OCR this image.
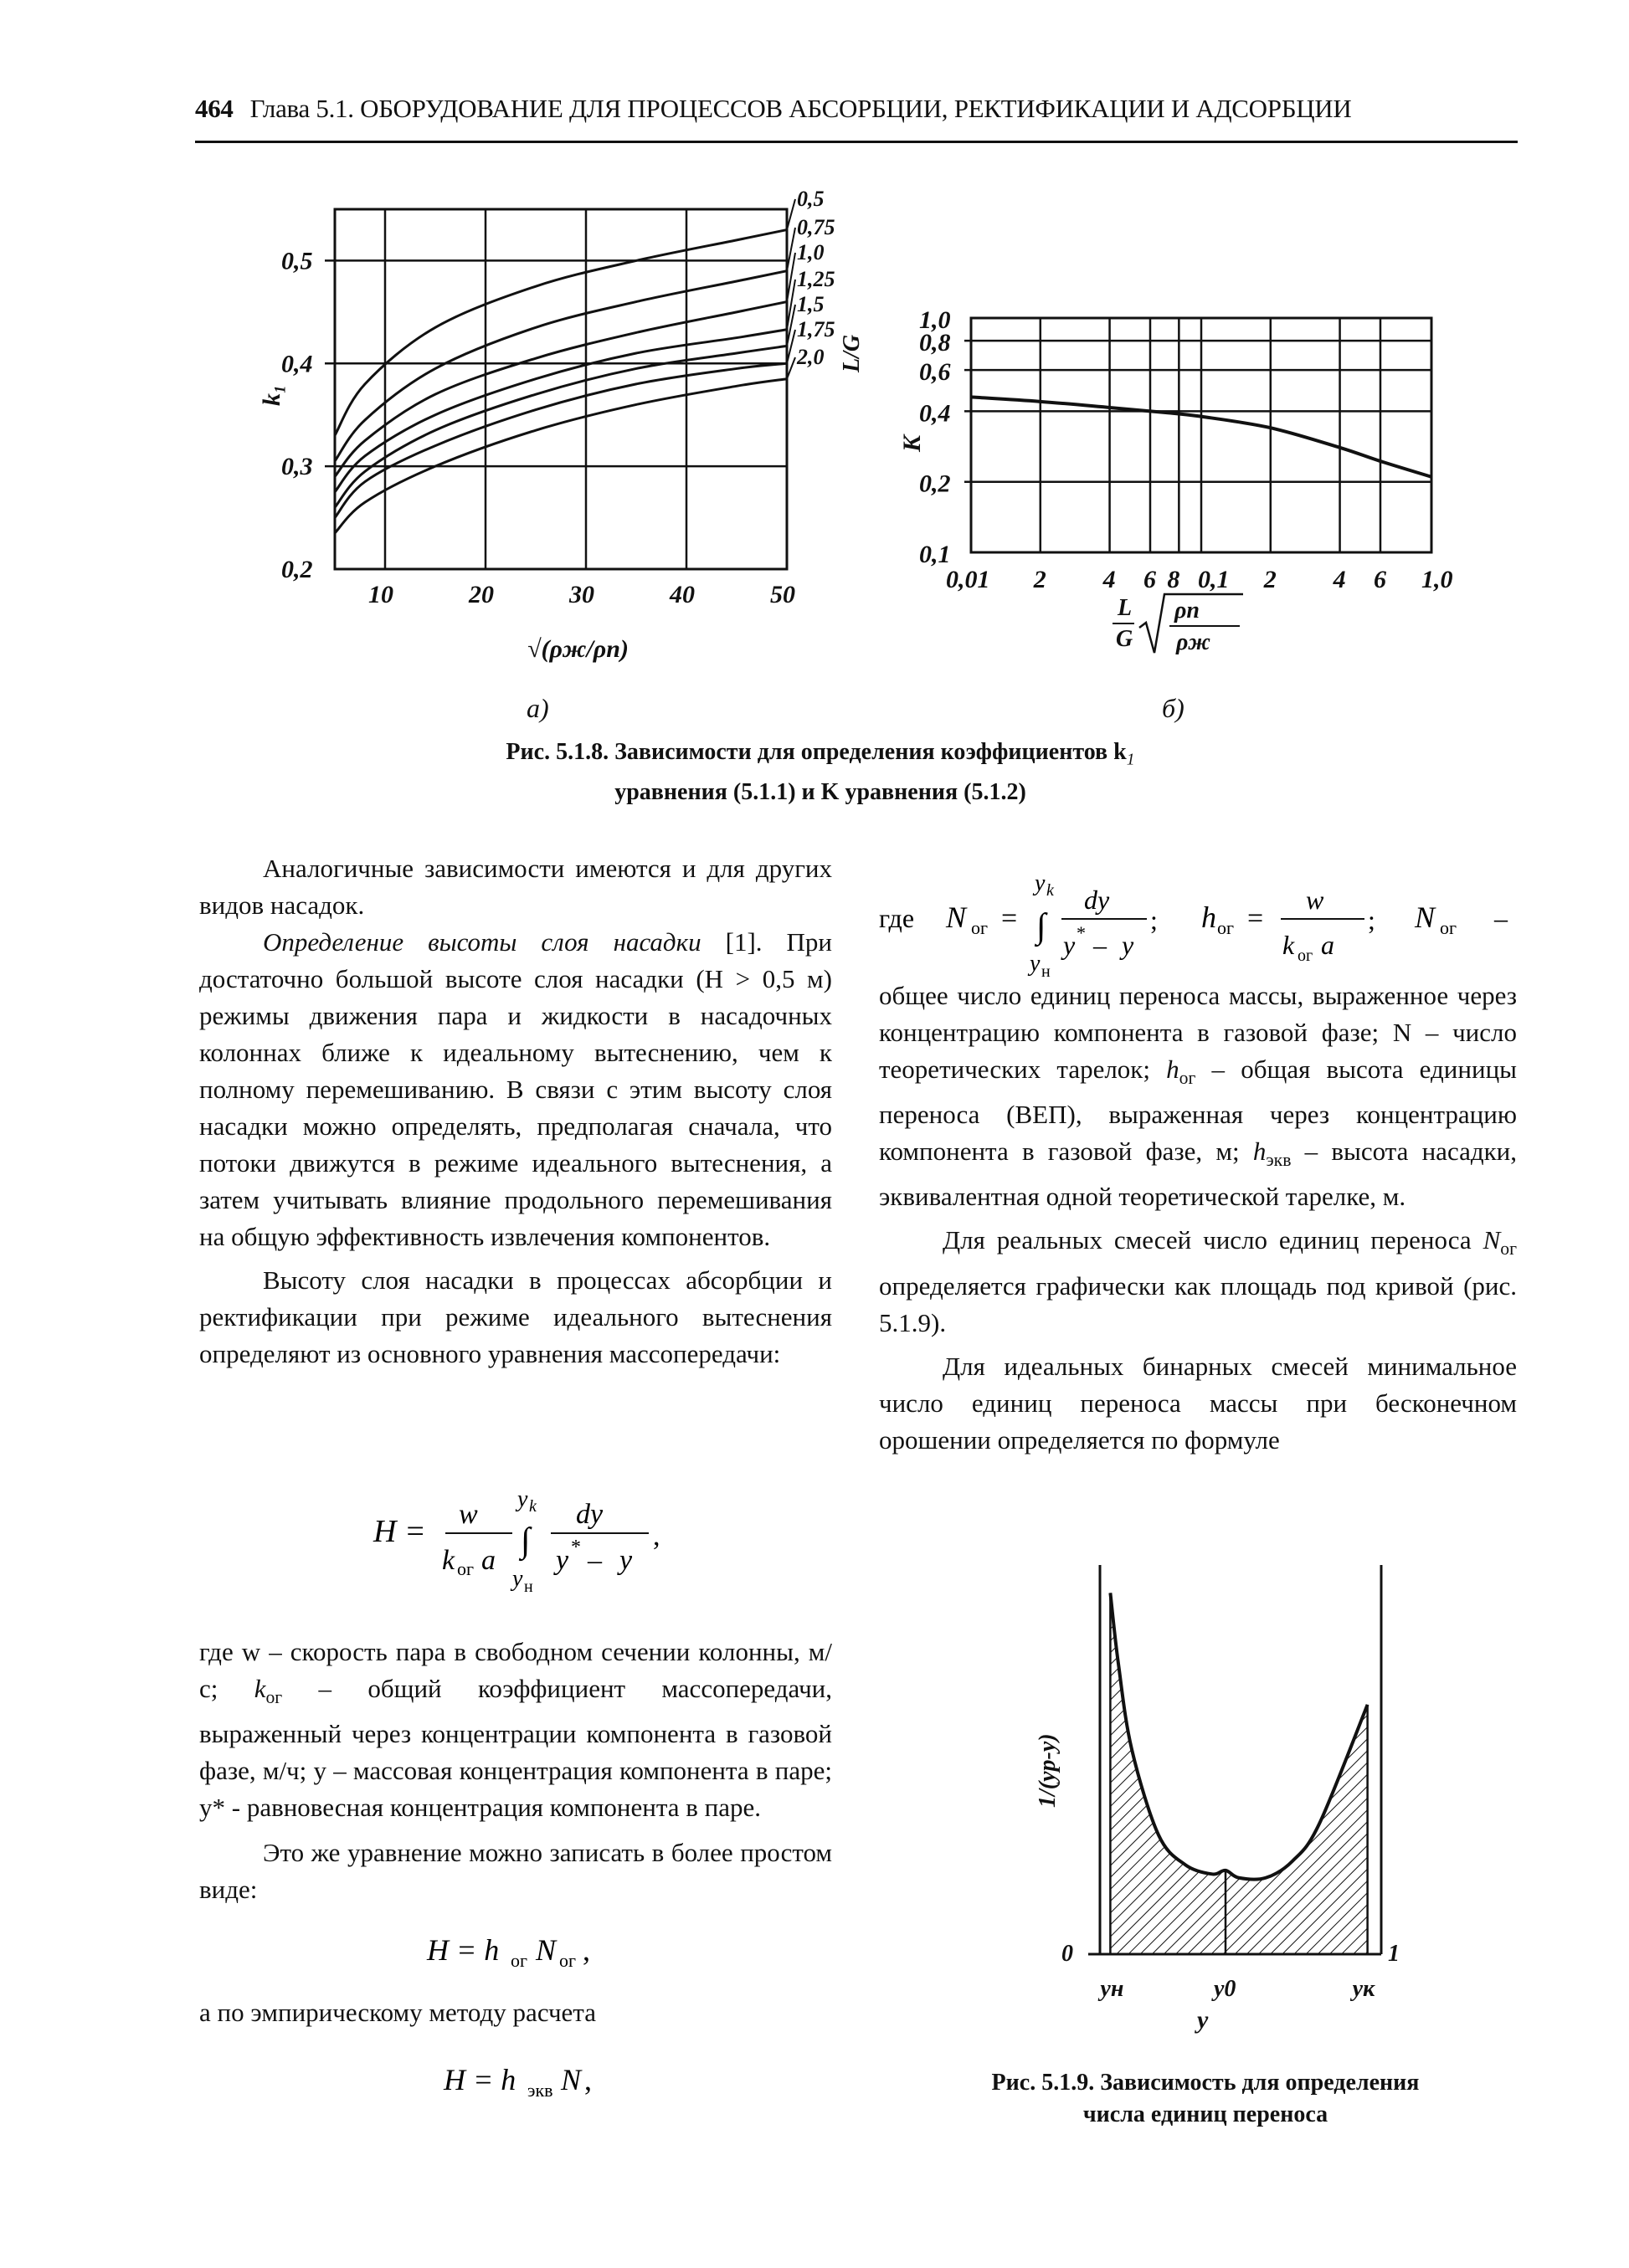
464 Глава 5.1. ОБОРУДОВАНИЕ ДЛЯ ПРОЦЕССОВ АБСОРБЦИИ, РЕКТИФИКАЦИИ И АДСОРБЦИИ
10	20	30	40	50
0,2
0,3
0,4
0,5
k₁
√(ρж/ρп)
0,5
0,75
1,0
1,25
1,5
1,75
2,0 L/G
0,01 2 4 6 8 0,1 2 4 6 1,0
0,1
0,2
0,4
0,6
0,8
1,0
K
L
G
ρп
ρж
а)	б)
Рис. 5.1.8. Зависимости для определения коэффициентов $k_1$
уравнения (5.1.1) и K уравнения (5.1.2)

Аналогичные зависимости имеются и для других видов насадок.

Определение высоты слоя насадки [1]. При достаточно большой высоте слоя насадки (H > 0,5 м) режимы движения пара и жидкости в насадочных колоннах ближе к идеальному вытеснению, чем к полному перемешиванию. В связи с этим высоту слоя насадки можно определять, предполагая сначала, что потоки движутся в режиме идеального вытеснения, а затем учитывать влияние продольного перемешивания на общую эффективность извлечения компонентов.

Высоту слоя насадки в процессах абсорбции и ректификации при режиме идеального вытеснения определяют из основного уравнения массопередачи:

H = w
k ог a
y k
∫
y н
dy
y * – y
,

где w – скорость пара в свободном сечении колонны, м/с; $k_{ог}$ – общий коэффициент массопередачи, выраженный через концентрации компонента в газовой фазе, м/ч; y – массовая концентрация компонента в паре; y* - равновесная концентрация компонента в паре.

Это же уравнение можно записать в более простом виде:

H = h ог N ог ,

а по эмпирическому методу расчета

H = h экв N ,
где N ог =
y k
∫
y н
dy
y * – y
; h ог =
w
k ог a
; N ог –

общее число единиц переноса массы, выраженное через концентрацию компонента в газовой фазе; N – число теоретических тарелок; $h_{ог}$ – общая высота единицы переноса (ВЕП), выраженная через концентрацию компонента в газовой фазе, м; $h_{экв}$ – высота насадки, эквивалентная одной теоретической тарелке, м.

Для реальных смесей число единиц переноса $N_{ог}$ определяется графически как площадь под кривой (рис. 5.1.9).

Для идеальных бинарных смесей минимальное число единиц переноса массы при бесконечном орошении определяется по формуле

0
yн	y0	yк
1
y
1/(yp-y)
Рис. 5.1.9. Зависимость для определения
числа единиц переноса
